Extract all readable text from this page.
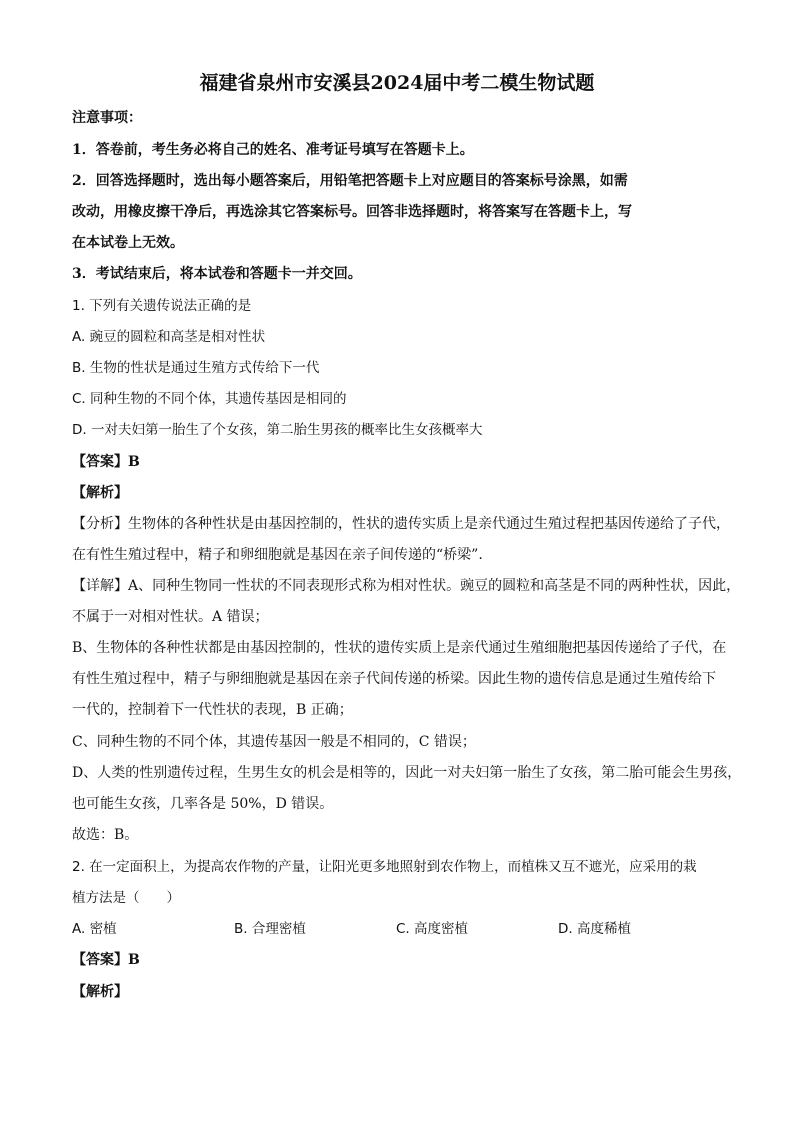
福建省泉州市安溪县2024届中考二模生物试题
注意事项：
1．答卷前，考生务必将自己的姓名、准考证号填写在答题卡上。
2．回答选择题时，选出每小题答案后，用铅笔把答题卡上对应题目的答案标号涂黑，如需
改动，用橡皮擦干净后，再选涂其它答案标号。回答非选择题时，将答案写在答题卡上，写
在本试卷上无效。
3．考试结束后，将本试卷和答题卡一并交回。
1. 下列有关遗传说法正确的是
A. 豌豆的圆粒和高茎是相对性状
B. 生物的性状是通过生殖方式传给下一代
C. 同种生物的不同个体，其遗传基因是相同的
D. 一对夫妇第一胎生了个女孩，第二胎生男孩的概率比生女孩概率大
【答案】B
【解析】
【分析】生物体的各种性状是由基因控制的，性状的遗传实质上是亲代通过生殖过程把基因传递给了子代，
在有性生殖过程中，精子和卵细胞就是基因在亲子间传递的“桥梁”.
【详解】A、同种生物同一性状的不同表现形式称为相对性状。豌豆的圆粒和高茎是不同的两种性状，因此，
不属于一对相对性状。A 错误；
B、生物体的各种性状都是由基因控制的，性状的遗传实质上是亲代通过生殖细胞把基因传递给了子代，在
有性生殖过程中，精子与卵细胞就是基因在亲子代间传递的桥梁。因此生物的遗传信息是通过生殖传给下
一代的，控制着下一代性状的表现，B 正确；
C、同种生物的不同个体，其遗传基因一般是不相同的，C 错误；
D、人类的性别遗传过程，生男生女的机会是相等的，因此一对夫妇第一胎生了女孩，第二胎可能会生男孩，
也可能生女孩，几率各是 50%，D 错误。
故选：B。
2. 在一定面积上，为提高农作物的产量，让阳光更多地照射到农作物上，而植株又互不遮光，应采用的栽
植方法是（　　）
A. 密植	B. 合理密植	C. 高度密植	D. 高度稀植
【答案】B
【解析】
